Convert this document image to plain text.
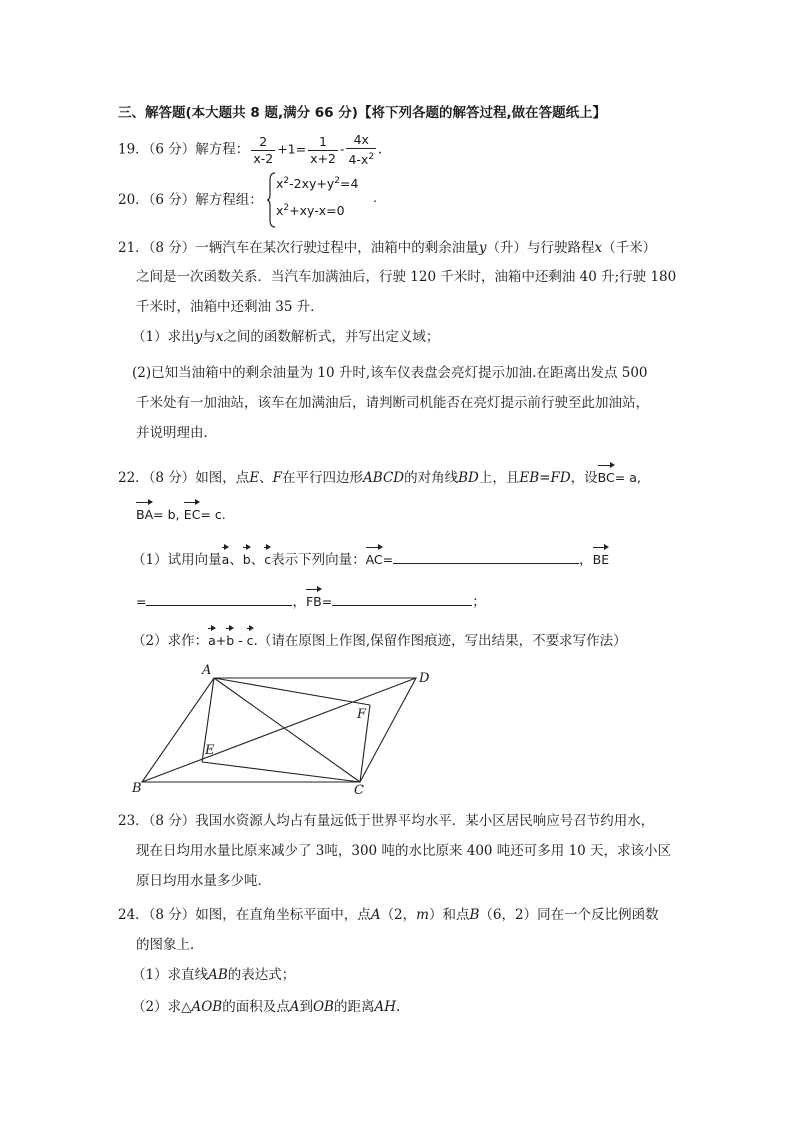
三、解答题(本大题共 8 题,满分 66 分)【将下列各题的解答过程,做在答题纸上】
19．（6 分）解方程： $\frac{2}{x-2} +1= \frac{1}{x+2} - \frac{4x}{4-x^2}$ .
20．（6 分）解方程组：
$x^2-2xy+y^2=4$
.
$x^2+xy-x=0$
21．（8 分）一辆汽车在某次行驶过程中，油箱中的剩余油量y（升）与行驶路程x（千米）
之间是一次函数关系．当汽车加满油后，行驶 120 千米时，油箱中还剩油 40 升;行驶 180
千米时，油箱中还剩油 35 升．
（1）求出y与x之间的函数解析式，并写出定义域；
(2)已知当油箱中的剩余油量为 10 升时,该车仪表盘会亮灯提示加油.在距离出发点 500
千米处有一加油站，该车在加满油后，请判断司机能否在亮灯提示前行驶至此加油站，
并说明理由．
22．（8 分）如图，点E、F在平行四边形ABCD的对角线BD上，且EB=FD，设BC= a,
BA= b, EC= c.
（1）试用向量a、b、c表示下列向量：AC=	，BE
=	，FB=	；
（2）求作：a+b - c.（请在原图上作图,保留作图痕迹，写出结果，不要求写作法）
A
D
F
E
B	C
23．（8 分）我国水资源人均占有量远低于世界平均水平．某小区居民响应号召节约用水，
现在日均用水量比原来减少了 3吨，300 吨的水比原来 400 吨还可多用 10 天，求该小区
原日均用水量多少吨．
24．（8 分）如图，在直角坐标平面中，点A（2，m）和点B（6，2）同在一个反比例函数
的图象上．
（1）求直线AB的表达式；
（2）求△AOB的面积及点A到OB的距离AH.
